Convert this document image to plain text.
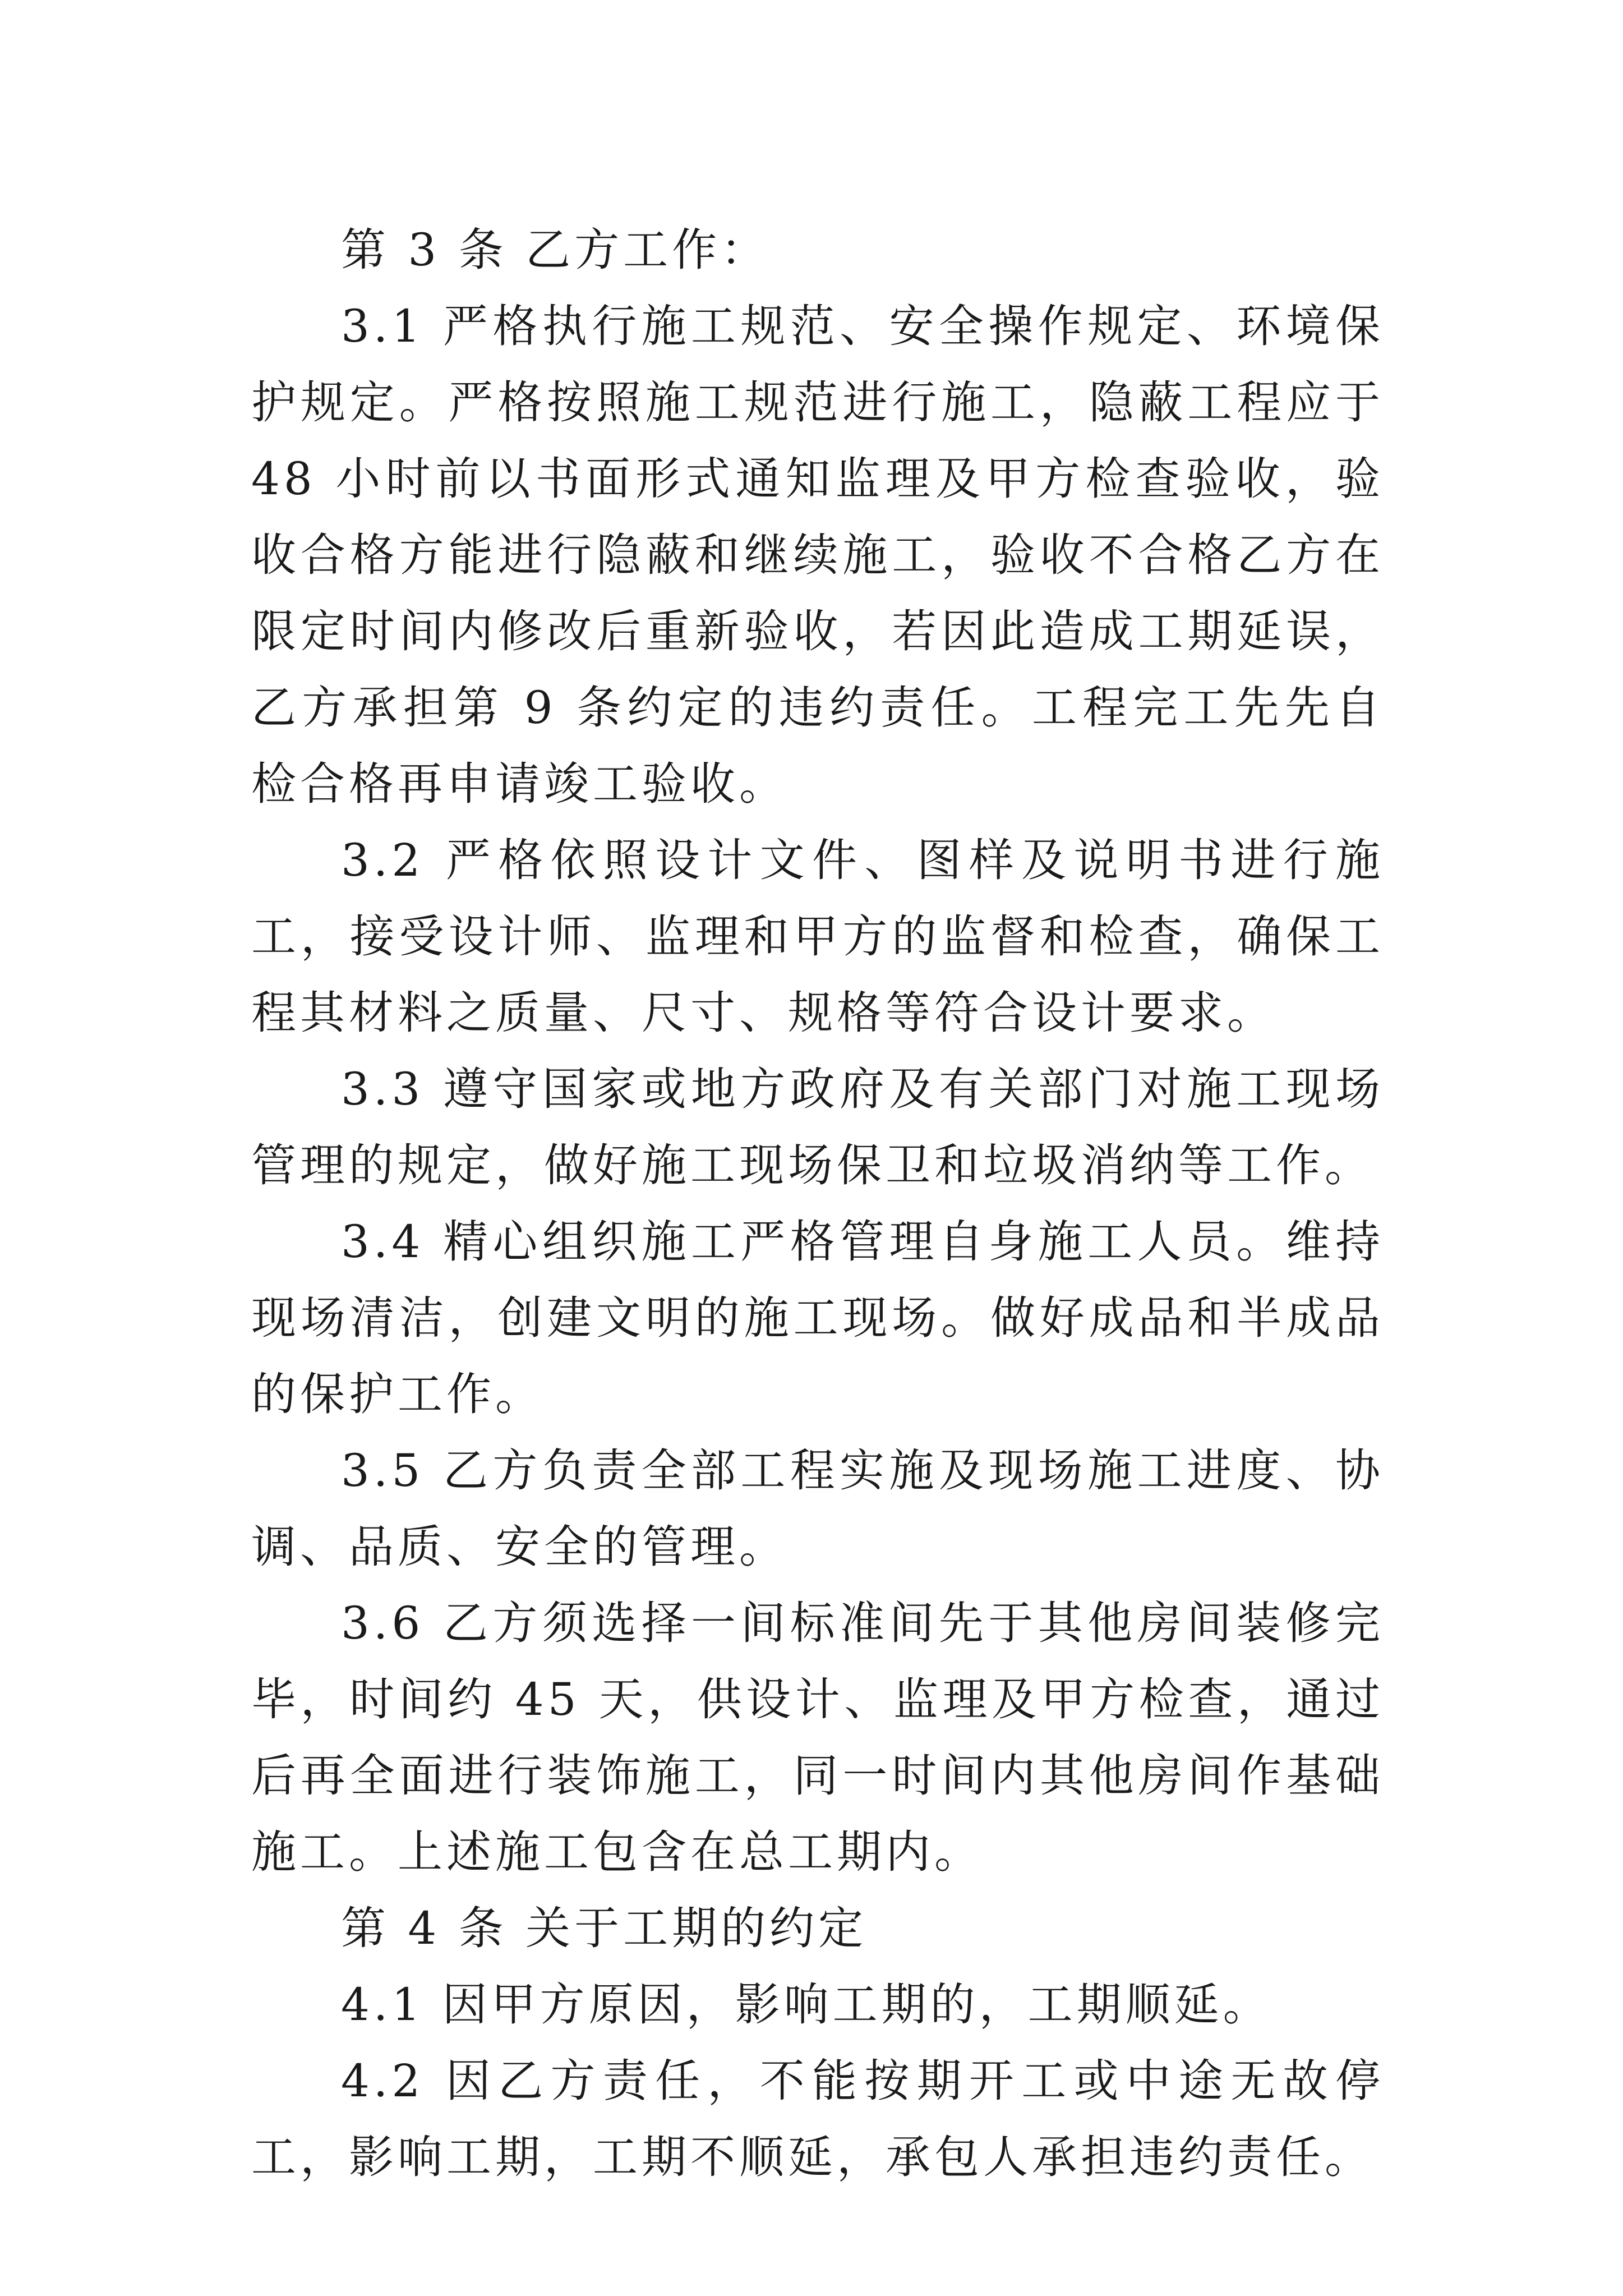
第 3 条 乙方工作：

3.1 严格执行施工规范、安全操作规定、环境保护规定。严格按照施工规范进行施工，隐蔽工程应于 48 小时前以书面形式通知监理及甲方检查验收，验收合格方能进行隐蔽和继续施工，验收不合格乙方在限定时间内修改后重新验收，若因此造成工期延误，乙方承担第 9 条约定的违约责任。工程完工先先自检合格再申请竣工验收。

3.2 严格依照设计文件、图样及说明书进行施工，接受设计师、监理和甲方的监督和检查，确保工程其材料之质量、尺寸、规格等符合设计要求。

3.3 遵守国家或地方政府及有关部门对施工现场管理的规定，做好施工现场保卫和垃圾消纳等工作。

3.4 精心组织施工严格管理自身施工人员。维持现场清洁，创建文明的施工现场。做好成品和半成品的保护工作。

3.5 乙方负责全部工程实施及现场施工进度、协调、品质、安全的管理。

3.6 乙方须选择一间标准间先于其他房间装修完毕，时间约 45 天，供设计、监理及甲方检查，通过后再全面进行装饰施工，同一时间内其他房间作基础施工。上述施工包含在总工期内。

第 4 条 关于工期的约定

4.1 因甲方原因，影响工期的，工期顺延。

4.2 因乙方责任，不能按期开工或中途无故停工，影响工期，工期不顺延，承包人承担违约责任。
